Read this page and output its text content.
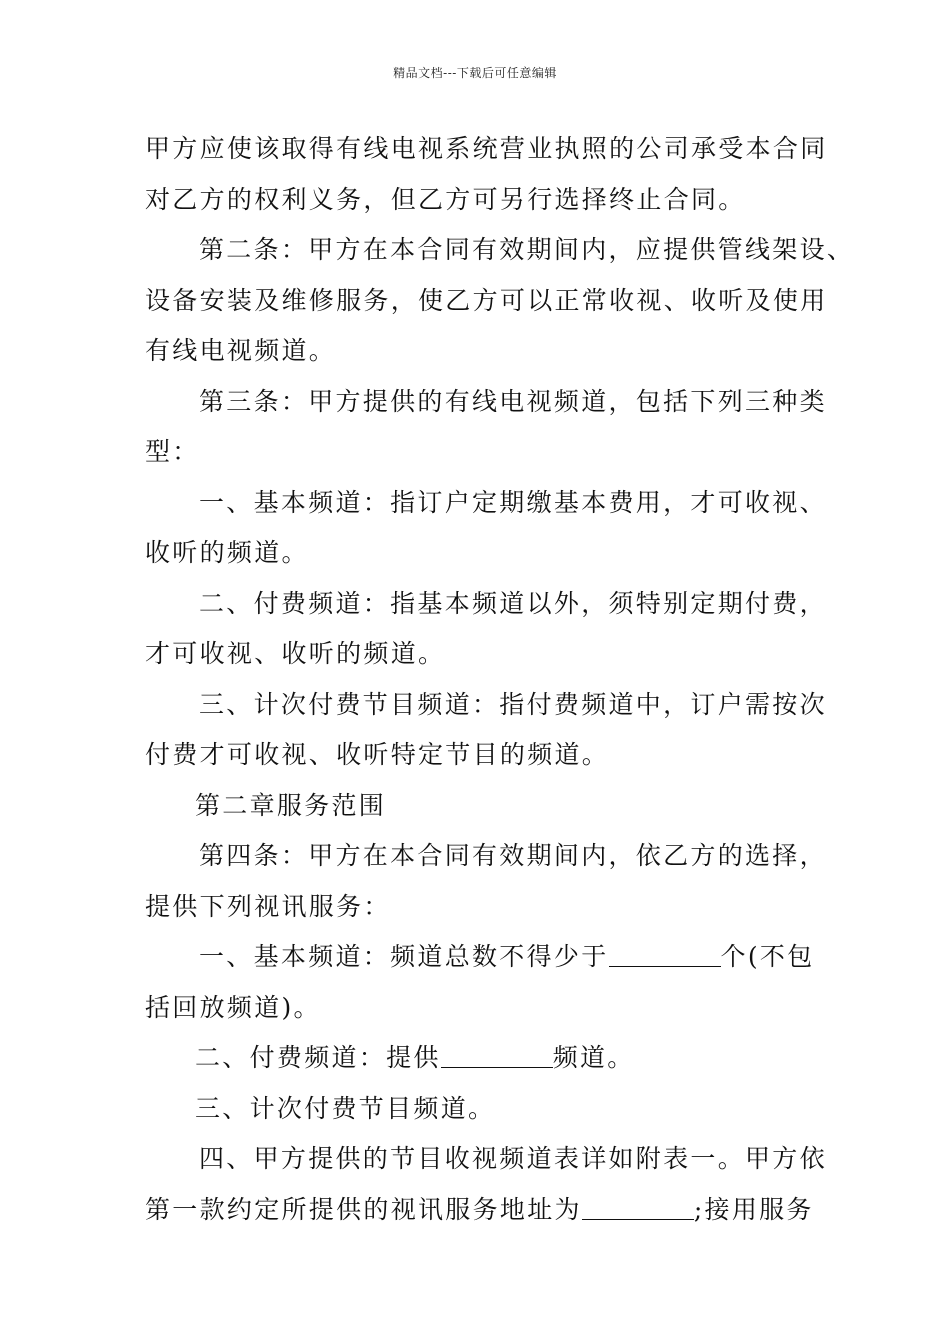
精品文档---下载后可任意编辑
甲方应使该取得有线电视系统营业执照的公司承受本合同
对乙方的权利义务，但乙方可另行选择终止合同。
第二条：甲方在本合同有效期间内，应提供管线架设、
设备安装及维修服务，使乙方可以正常收视、收听及使用
有线电视频道。
第三条：甲方提供的有线电视频道，包括下列三种类
型：
一、基本频道：指订户定期缴基本费用，才可收视、
收听的频道。
二、付费频道：指基本频道以外，须特别定期付费，
才可收视、收听的频道。
三、计次付费节目频道：指付费频道中，订户需按次
付费才可收视、收听特定节目的频道。
第二章服务范围
第四条：甲方在本合同有效期间内，依乙方的选择，
提供下列视讯服务：
一、基本频道：频道总数不得少于	个(不包
括回放频道)。
二、付费频道：提供	频道。
三、计次付费节目频道。
四、甲方提供的节目收视频道表详如附表一。甲方依
第一款约定所提供的视讯服务地址为	;接用服务
